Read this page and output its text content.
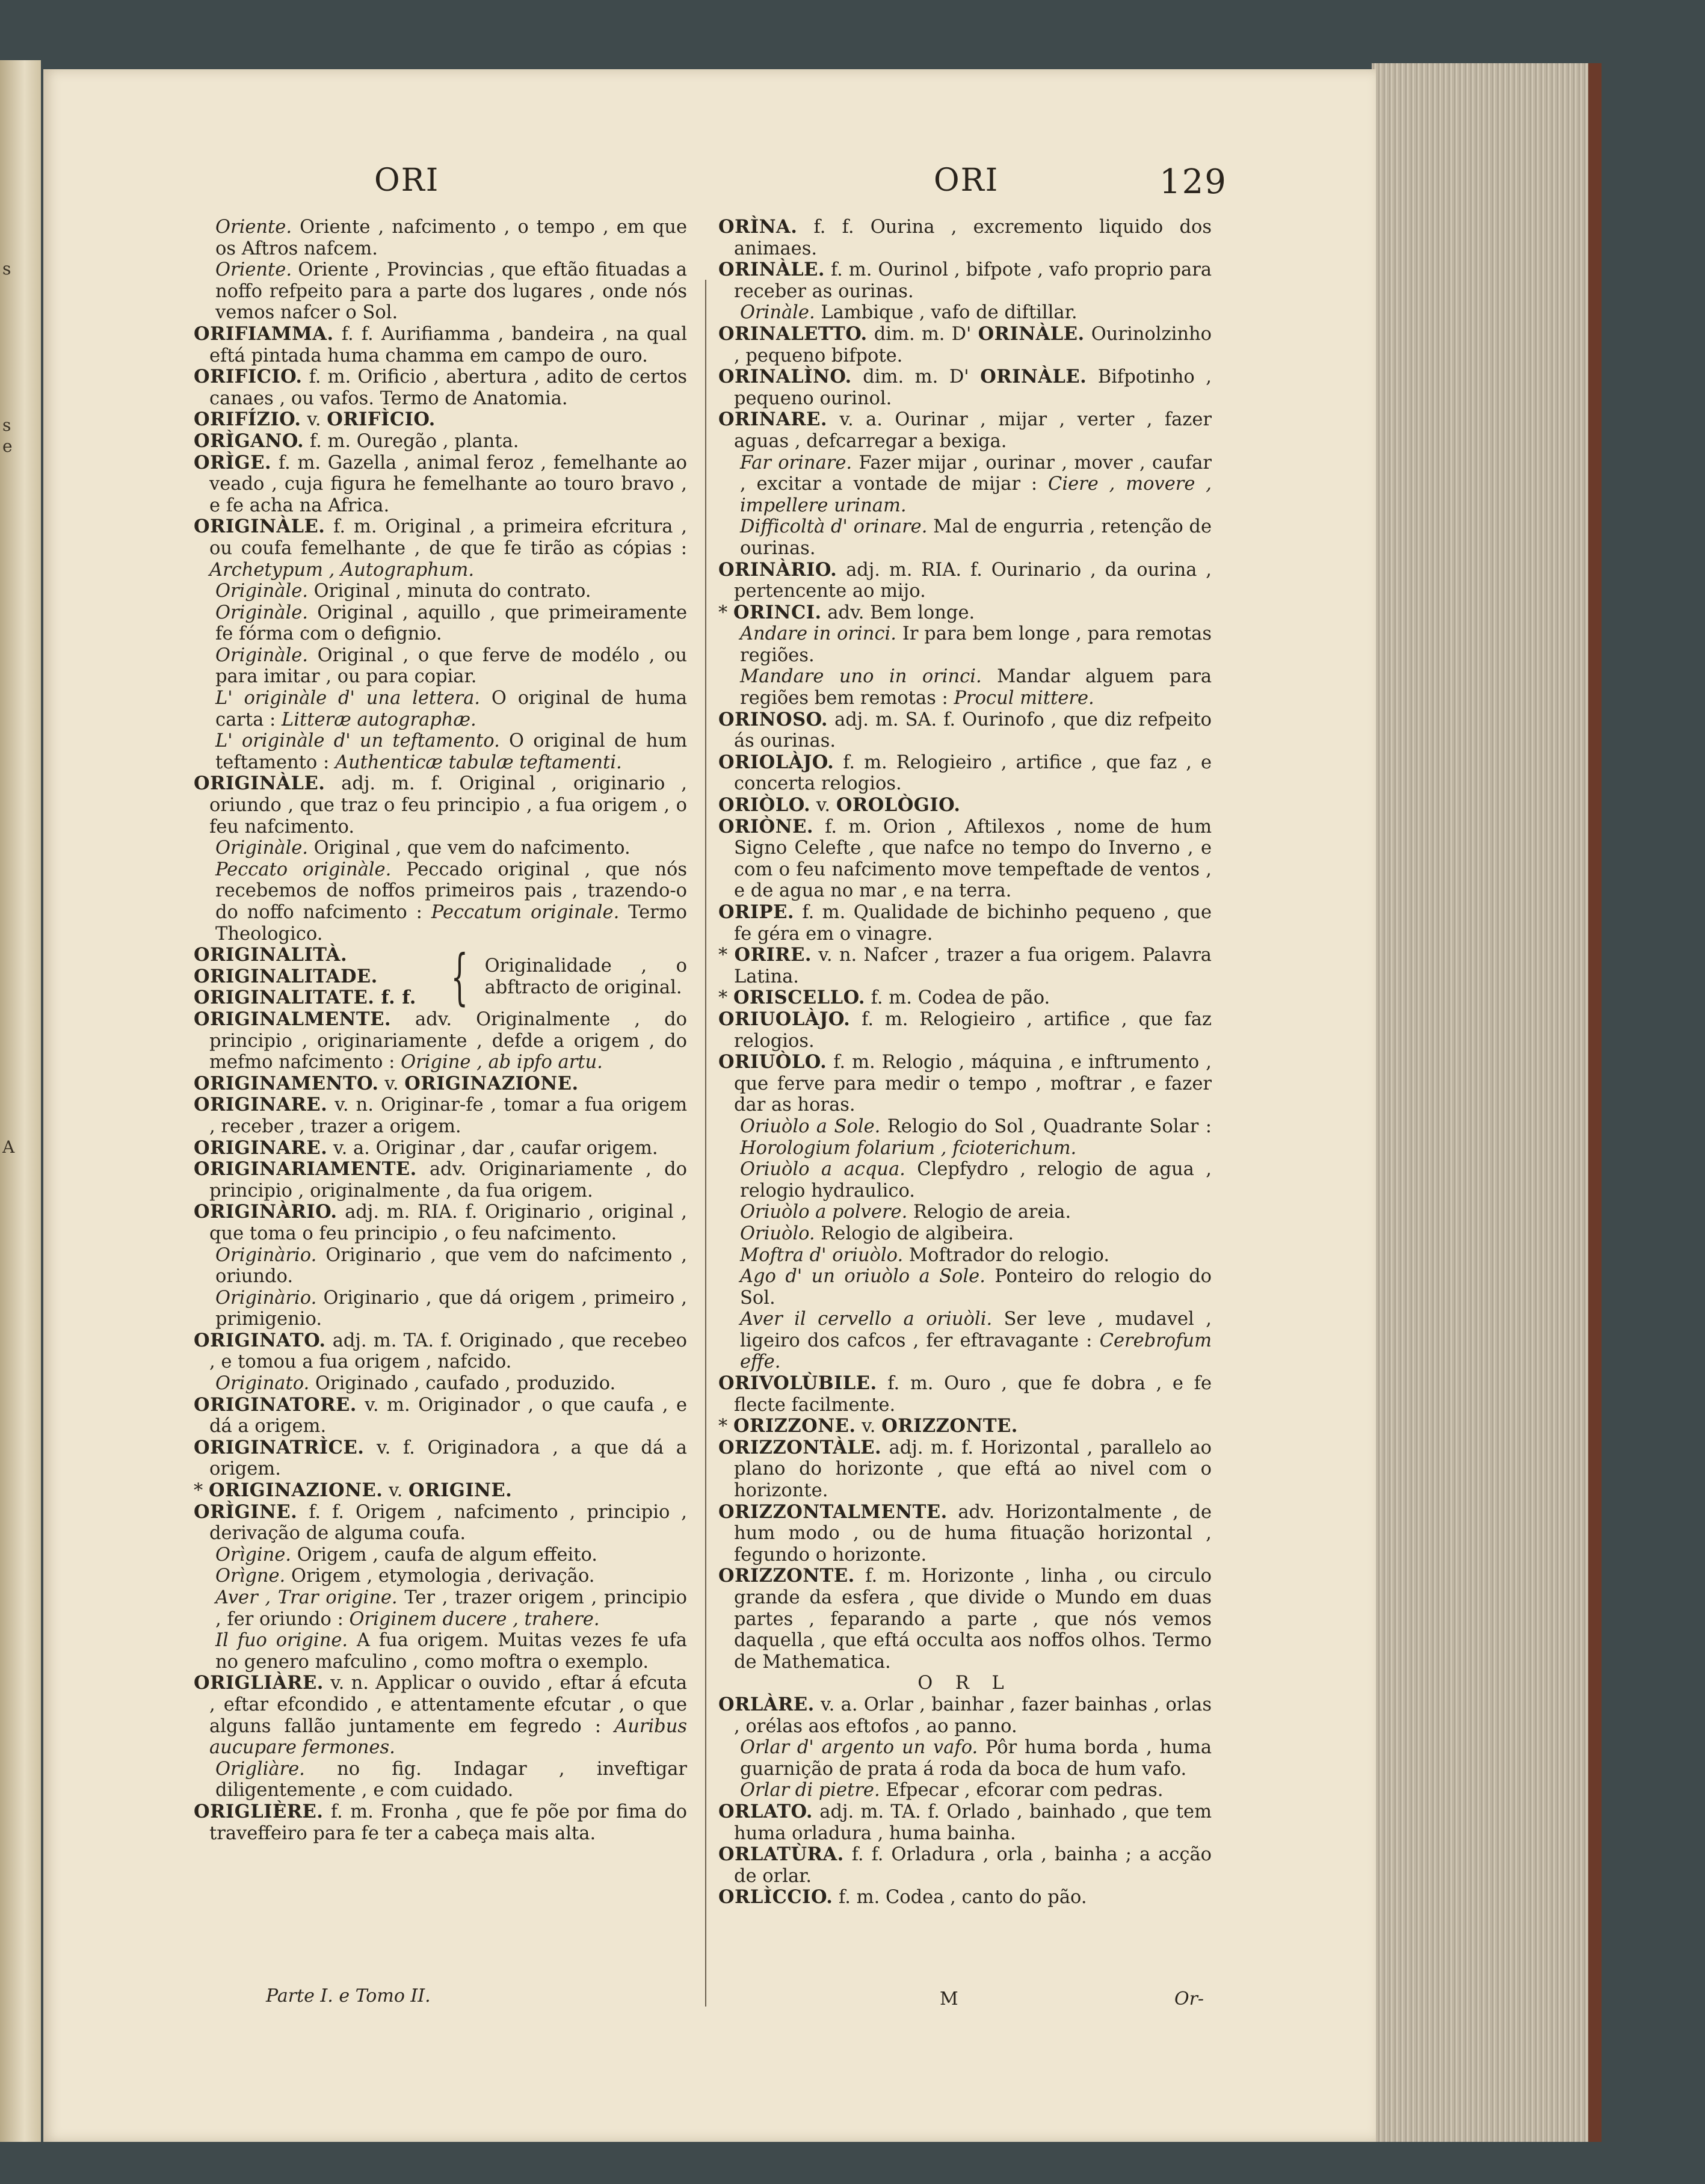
s
s
e
A
ORI	ORI	129

Oriente. Oriente , nafcimento , o tempo , em que os Aftros nafcem.

Oriente. Oriente , Provincias , que eftão fituadas a noffo refpeito para a parte dos lugares , onde nós vemos nafcer o Sol.

ORIFIAMMA. f. f. Aurifiamma , bandeira , na qual eftá pintada huma chamma em campo de ouro.

ORIFICIO. f. m. Orificio , abertura , adito de certos canaes , ou vafos. Termo de Anatomia.

ORIFÍZIO. v. ORIFÌCIO.

ORÌGANO. f. m. Ouregão , planta.

ORÌGE. f. m. Gazella , animal feroz , femelhante ao veado , cuja figura he femelhante ao touro bravo , e fe acha na Africa.

ORIGINÀLE. f. m. Original , a primeira efcritura , ou coufa femelhante , de que fe tirão as cópias : Archetypum , Autographum.

Originàle. Original , minuta do contrato.

Originàle. Original , aquillo , que primeiramente fe fórma com o defignio.

Originàle. Original , o que ferve de modélo , ou para imitar , ou para copiar.

L' originàle d' una lettera. O original de huma carta : Litteræ autographæ.

L' originàle d' un teftamento. O original de hum teftamento : Authenticæ tabulæ teftamenti.

ORIGINÀLE. adj. m. f. Original , originario , oriundo , que traz o feu principio , a fua origem , o feu nafcimento.

Originàle. Original , que vem do nafcimento.

Peccato originàle. Peccado original , que nós recebemos de noffos primeiros pais , trazendo-o do noffo nafcimento : Peccatum originale. Termo Theologico.

ORIGINALITÀ.
ORIGINALITADE.
ORIGINALITATE. f. f. { Originalidade , o abftracto de original.

ORIGINALMENTE. adv. Originalmente , do principio , originariamente , defde a origem , do mefmo nafcimento : Origine , ab ipfo artu.

ORIGINAMENTO. v. ORIGINAZIONE.

ORIGINARE. v. n. Originar-fe , tomar a fua origem , receber , trazer a origem.

ORIGINARE. v. a. Originar , dar , caufar origem.

ORIGINARIAMENTE. adv. Originariamente , do principio , originalmente , da fua origem.

ORIGINÀRIO. adj. m. RIA. f. Originario , original , que toma o feu principio , o feu nafcimento.

Originàrio. Originario , que vem do nafcimento , oriundo.

Originàrio. Originario , que dá origem , primeiro , primigenio.

ORIGINATO. adj. m. TA. f. Originado , que recebeo , e tomou a fua origem , nafcido.

Originato. Originado , caufado , produzido.

ORIGINATORE. v. m. Originador , o que caufa , e dá a origem.

ORIGINATRÌCE. v. f. Originadora , a que dá a origem.

* ORIGINAZIONE. v. ORIGINE.

ORÌGINE. f. f. Origem , nafcimento , principio , derivação de alguma coufa.

Orìgine. Origem , caufa de algum effeito.

Orìgne. Origem , etymologia , derivação.

Aver , Trar origine. Ter , trazer origem , principio , fer oriundo : Originem ducere , trahere.

Il fuo origine. A fua origem. Muitas vezes fe ufa no genero mafculino , como moftra o exemplo.

ORIGLIÀRE. v. n. Applicar o ouvido , eftar á efcuta , eftar efcondido , e attentamente efcutar , o que alguns fallão juntamente em fegredo : Auribus aucupare fermones.

Origliàre. no fig. Indagar , inveftigar diligentemente , e com cuidado.

ORIGLIÈRE. f. m. Fronha , que fe põe por fima do traveffeiro para fe ter a cabeça mais alta.

ORÌNA. f. f. Ourina , excremento liquido dos animaes.

ORINÀLE. f. m. Ourinol , bifpote , vafo proprio para receber as ourinas.

Orinàle. Lambique , vafo de diftillar.

ORINALETTO. dim. m. D' ORINÀLE. Ourinolzinho , pequeno bifpote.

ORINALÌNO. dim. m. D' ORINÀLE. Bifpotinho , pequeno ourinol.

ORINARE. v. a. Ourinar , mijar , verter , fazer aguas , defcarregar a bexiga.

Far orinare. Fazer mijar , ourinar , mover , caufar , excitar a vontade de mijar : Ciere , movere , impellere urinam.

Difficoltà d' orinare. Mal de engurria , retenção de ourinas.

ORINÀRIO. adj. m. RIA. f. Ourinario , da ourina , pertencente ao mijo.

* ORINCI. adv. Bem longe.

Andare in orinci. Ir para bem longe , para remotas regiões.

Mandare uno in orinci. Mandar alguem para regiões bem remotas : Procul mittere.

ORINOSO. adj. m. SA. f. Ourinofo , que diz refpeito ás ourinas.

ORIOLÀJO. f. m. Relogieiro , artifice , que faz , e concerta relogios.

ORIÒLO. v. OROLÒGIO.

ORIÒNE. f. m. Orion , Aftilexos , nome de hum Signo Celefte , que nafce no tempo do Inverno , e com o feu nafcimento move tempeftade de ventos , e de agua no mar , e na terra.

ORIPE. f. m. Qualidade de bichinho pequeno , que fe géra em o vinagre.

* ORIRE. v. n. Nafcer , trazer a fua origem. Palavra Latina.

* ORISCELLO. f. m. Codea de pão.

ORIUOLÀJO. f. m. Relogieiro , artifice , que faz relogios.

ORIUÒLO. f. m. Relogio , máquina , e inftrumento , que ferve para medir o tempo , moftrar , e fazer dar as horas.

Oriuòlo a Sole. Relogio do Sol , Quadrante Solar : Horologium folarium , fcioterichum.

Oriuòlo a acqua. Clepfydro , relogio de agua , relogio hydraulico.

Oriuòlo a polvere. Relogio de areia.

Oriuòlo. Relogio de algibeira.

Moftra d' oriuòlo. Moftrador do relogio.

Ago d' un oriuòlo a Sole. Ponteiro do relogio do Sol.

Aver il cervello a oriuòli. Ser leve , mudavel , ligeiro dos cafcos , fer eftravagante : Cerebrofum effe.

ORIVOLÙBILE. f. m. Ouro , que fe dobra , e fe flecte facilmente.

* ORIZZONE. v. ORIZZONTE.

ORIZZONTÀLE. adj. m. f. Horizontal , parallelo ao plano do horizonte , que eftá ao nivel com o horizonte.

ORIZZONTALMENTE. adv. Horizontalmente , de hum modo , ou de huma fituação horizontal , fegundo o horizonte.

ORIZZONTE. f. m. Horizonte , linha , ou circulo grande da esfera , que divide o Mundo em duas partes , feparando a parte , que nós vemos daquella , que eftá occulta aos noffos olhos. Termo de Mathematica.

O R L

ORLÀRE. v. a. Orlar , bainhar , fazer bainhas , orlas , orélas aos eftofos , ao panno.

Orlar d' argento un vafo. Pôr huma borda , huma guarnição de prata á roda da boca de hum vafo.

Orlar di pietre. Efpecar , efcorar com pedras.

ORLATO. adj. m. TA. f. Orlado , bainhado , que tem huma orladura , huma bainha.

ORLATÙRA. f. f. Orladura , orla , bainha ; a acção de orlar.

ORLÌCCIO. f. m. Codea , canto do pão.

Parte I. e Tomo II.	M	Or-
